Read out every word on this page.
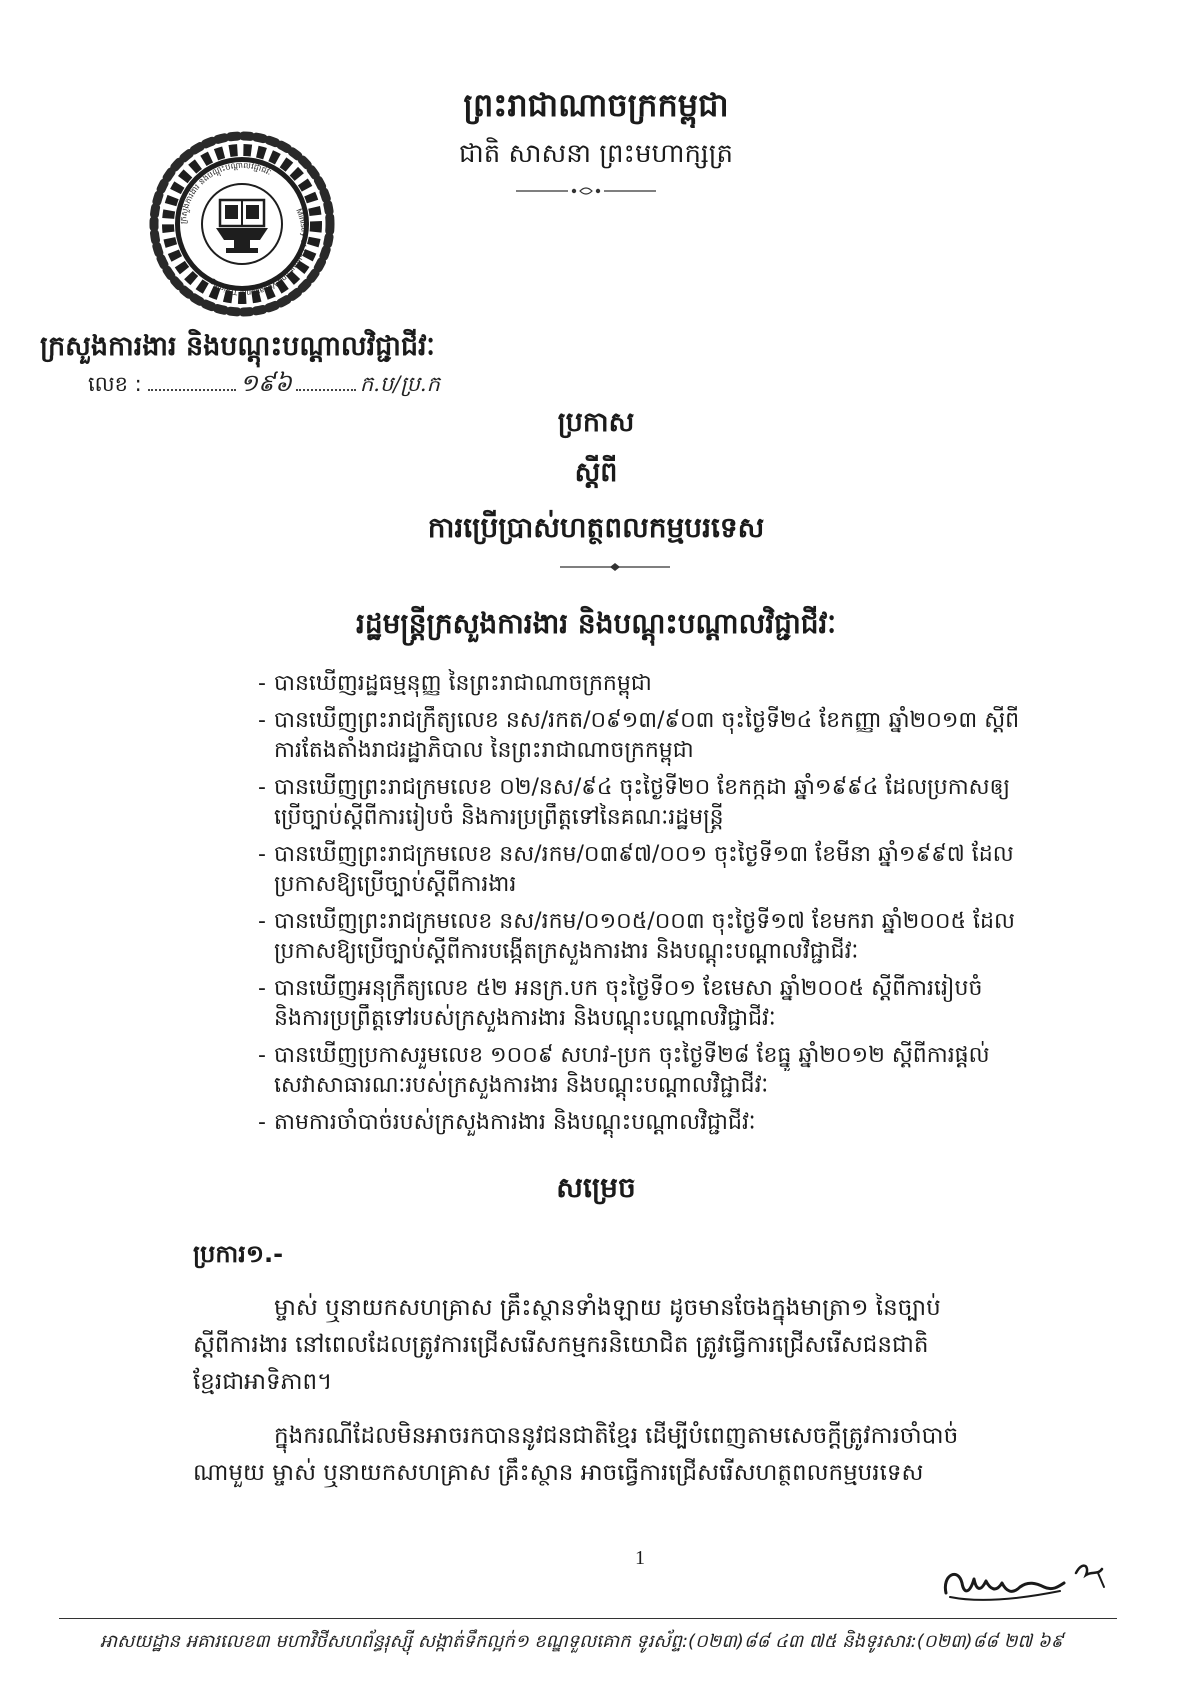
ព្រះរាជាណាចក្រកម្ពុជា
ជាតិ សាសនា ព្រះមហាក្សត្រ
ក្រសួងការងារ និងបណ្តុះបណ្តាលវិជ្ជាជីវៈ
Ministry of Labour and Vocational Training
ក្រសួងការងារ និងបណ្តុះបណ្តាលវិជ្ជាជីវៈ
លេខ :	១៩៦	ក.ប/ប្រ.ក
ប្រកាស
ស្តីពី
ការប្រើប្រាស់ហត្ថពលកម្មបរទេស
រដ្ឋមន្ត្រីក្រសួងការងារ និងបណ្តុះបណ្តាលវិជ្ជាជីវៈ
- បានឃើញរដ្ឋធម្មនុញ្ញ នៃព្រះរាជាណាចក្រកម្ពុជា
- បានឃើញព្រះរាជក្រឹត្យលេខ នស/រកត/០៩១៣/៩០៣ ចុះថ្ងៃទី២៤ ខែកញ្ញា ឆ្នាំ២០១៣ ស្តីពី
ការតែងតាំងរាជរដ្ឋាភិបាល នៃព្រះរាជាណាចក្រកម្ពុជា
- បានឃើញព្រះរាជក្រមលេខ ០២/នស/៩៤ ចុះថ្ងៃទី២០ ខែកក្កដា ឆ្នាំ១៩៩៤ ដែលប្រកាសឲ្យ
ប្រើច្បាប់ស្តីពីការរៀបចំ និងការប្រព្រឹត្តទៅនៃគណៈរដ្ឋមន្ត្រី
- បានឃើញព្រះរាជក្រមលេខ នស/រកម/០៣៩៧/០០១ ចុះថ្ងៃទី១៣ ខែមីនា ឆ្នាំ១៩៩៧ ដែល
ប្រកាសឱ្យប្រើច្បាប់ស្តីពីការងារ
- បានឃើញព្រះរាជក្រមលេខ នស/រកម/០១០៥/០០៣ ចុះថ្ងៃទី១៧ ខែមករា ឆ្នាំ២០០៥ ដែល
ប្រកាសឱ្យប្រើច្បាប់ស្តីពីការបង្កើតក្រសួងការងារ និងបណ្តុះបណ្តាលវិជ្ជាជីវៈ
- បានឃើញអនុក្រឹត្យលេខ ៥២ អនក្រ.បក ចុះថ្ងៃទី០១ ខែមេសា ឆ្នាំ២០០៥ ស្តីពីការរៀបចំ
និងការប្រព្រឹត្តទៅរបស់ក្រសួងការងារ និងបណ្តុះបណ្តាលវិជ្ជាជីវៈ
- បានឃើញប្រកាសរួមលេខ ១០០៩ សហវ-ប្រក ចុះថ្ងៃទី២៨ ខែធ្នូ ឆ្នាំ២០១២ ស្តីពីការផ្តល់
សេវាសាធារណៈរបស់ក្រសួងការងារ និងបណ្តុះបណ្តាលវិជ្ជាជីវៈ
- តាមការចាំបាច់របស់ក្រសួងការងារ និងបណ្តុះបណ្តាលវិជ្ជាជីវៈ
សម្រេច
ប្រការ១.-
ម្ចាស់ ឬនាយកសហគ្រាស គ្រឹះស្ថានទាំងឡាយ ដូចមានចែងក្នុងមាត្រា១ នៃច្បាប់
ស្តីពីការងារ នៅពេលដែលត្រូវការជ្រើសរើសកម្មករនិយោជិត ត្រូវធ្វើការជ្រើសរើសជនជាតិ
ខ្មែរជាអាទិភាព។
ក្នុងករណីដែលមិនអាចរកបាននូវជនជាតិខ្មែរ ដើម្បីបំពេញតាមសេចក្តីត្រូវការចាំបាច់
ណាមួយ ម្ចាស់ ឬនាយកសហគ្រាស គ្រឹះស្ថាន អាចធ្វើការជ្រើសរើសហត្ថពលកម្មបរទេស
1
អាសយដ្ឋាន អគារលេខ៣ មហាវិថីសហព័ន្ធរុស្ស៊ី សង្កាត់ទឹកល្អក់១ ខណ្ឌទួលគោក ទូរស័ព្ទ:(០២៣)៨៨ ៤៣ ៧៥ និងទូរសារ:(០២៣)៨៨ ២៧ ៦៩
